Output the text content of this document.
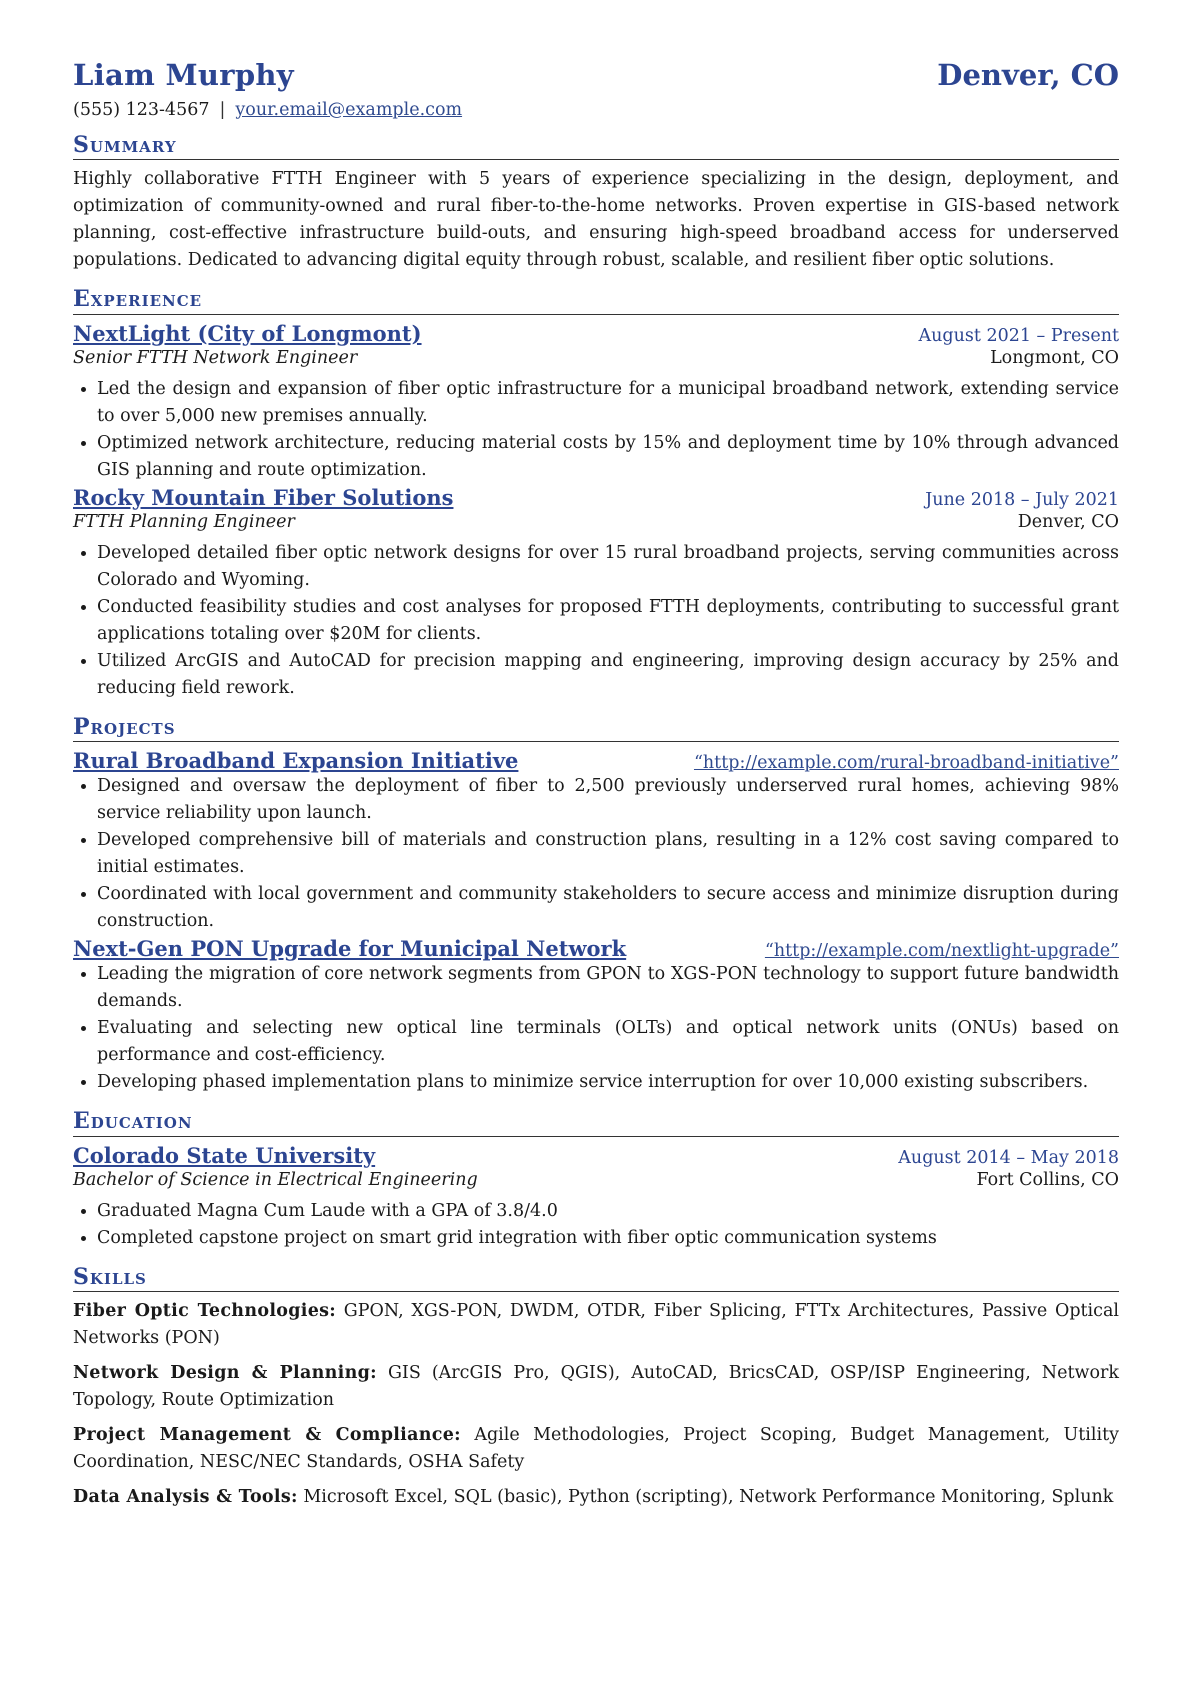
Liam Murphy	Denver, CO
(555) 123-4567 | your.email@example.com
Summary
Highly collaborative FTTH Engineer with 5 years of experience specializing in the design, deployment, and optimization of community-owned and rural fiber-to-the-home networks. Proven expertise in GIS-based network planning, cost-effective infrastructure build-outs, and ensuring high-speed broadband access for underserved populations. Dedicated to advancing digital equity through robust, scalable, and resilient fiber optic solutions.
Experience
NextLight (City of Longmont)	August 2021 – Present
Senior FTTH Network Engineer	Longmont, CO
• Led the design and expansion of fiber optic infrastructure for a municipal broadband network, extending service to over 5,000 new premises annually.
• Optimized network architecture, reducing material costs by 15% and deployment time by 10% through advanced GIS planning and route optimization.
Rocky Mountain Fiber Solutions	June 2018 – July 2021
FTTH Planning Engineer	Denver, CO
• Developed detailed fiber optic network designs for over 15 rural broadband projects, serving communities across Colorado and Wyoming.
• Conducted feasibility studies and cost analyses for proposed FTTH deployments, contributing to successful grant applications totaling over $20M for clients.
• Utilized ArcGIS and AutoCAD for precision mapping and engineering, improving design accuracy by 25% and reducing field rework.
Projects
Rural Broadband Expansion Initiative	“http://example.com/rural-broadband-initiative”
• Designed and oversaw the deployment of fiber to 2,500 previously underserved rural homes, achieving 98% service reliability upon launch.
• Developed comprehensive bill of materials and construction plans, resulting in a 12% cost saving compared to initial estimates.
• Coordinated with local government and community stakeholders to secure access and minimize disruption during construction.
Next-Gen PON Upgrade for Municipal Network	“http://example.com/nextlight-upgrade”
• Leading the migration of core network segments from GPON to XGS-PON technology to support future bandwidth demands.
• Evaluating and selecting new optical line terminals (OLTs) and optical network units (ONUs) based on performance and cost-efficiency.
• Developing phased implementation plans to minimize service interruption for over 10,000 existing subscribers.
Education
Colorado State University	August 2014 – May 2018
Bachelor of Science in Electrical Engineering	Fort Collins, CO
• Graduated Magna Cum Laude with a GPA of 3.8/4.0
• Completed capstone project on smart grid integration with fiber optic communication systems
Skills
Fiber Optic Technologies: GPON, XGS-PON, DWDM, OTDR, Fiber Splicing, FTTx Architectures, Passive Optical Networks (PON)
Network Design & Planning: GIS (ArcGIS Pro, QGIS), AutoCAD, BricsCAD, OSP/ISP Engineering, Network Topology, Route Optimization
Project Management & Compliance: Agile Methodologies, Project Scoping, Budget Management, Utility Coordination, NESC/NEC Standards, OSHA Safety
Data Analysis & Tools: Microsoft Excel, SQL (basic), Python (scripting), Network Performance Monitoring, Splunk
